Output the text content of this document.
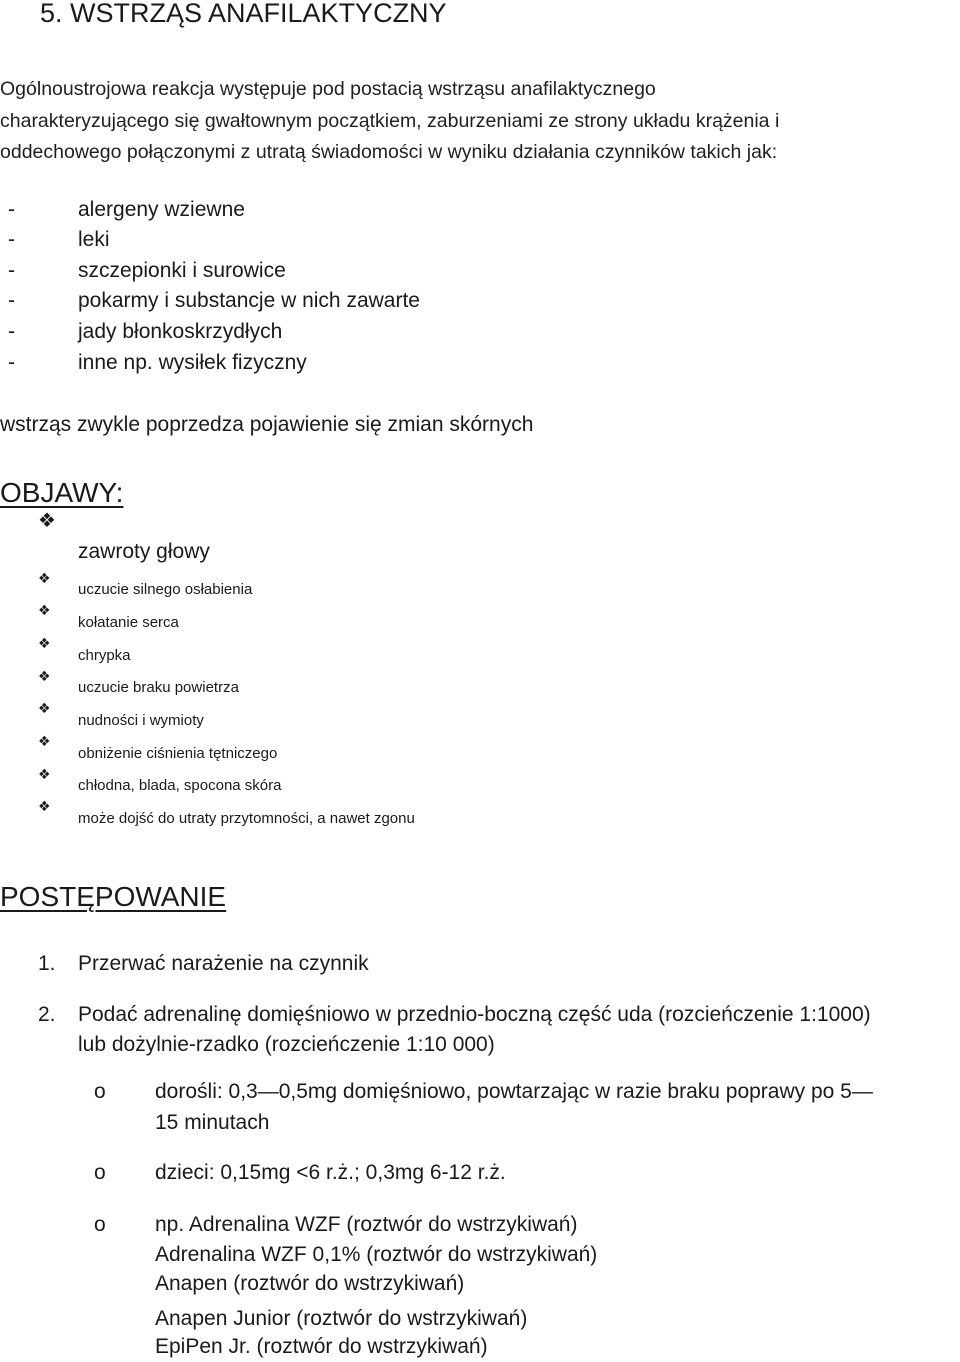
5. WSTRZĄS ANAFILAKTYCZNY
Ogólnoustrojowa reakcja występuje pod postacią wstrząsu anafilaktycznego
charakteryzującego się gwałtownym początkiem, zaburzeniami ze strony układu krążenia i
oddechowego połączonymi z utratą świadomości w wyniku działania czynników takich jak:
-	alergeny wziewne
-	leki
-	szczepionki i surowice
-	pokarmy i substancje w nich zawarte
-	jady błonkoskrzydłych
-	inne np. wysiłek fizyczny
wstrząs zwykle poprzedza pojawienie się zmian skórnych
OBJAWY:
❖
zawroty głowy
❖
uczucie silnego osłabienia
❖
kołatanie serca
❖
chrypka
❖
uczucie braku powietrza
❖
nudności i wymioty
❖
obniżenie ciśnienia tętniczego
❖
chłodna, blada, spocona skóra
❖
może dojść do utraty przytomności, a nawet zgonu
POSTĘPOWANIE
1. Przerwać narażenie na czynnik
2. Podać adrenalinę domięśniowo w przednio-boczną część uda (rozcieńczenie 1:1000)
lub dożylnie-rzadko (rozcieńczenie 1:10 000)
o dorośli: 0,3—0,5mg domięśniowo, powtarzając w razie braku poprawy po 5—
15 minutach
o dzieci: 0,15mg <6 r.ż.; 0,3mg 6-12 r.ż.
o np. Adrenalina WZF (roztwór do wstrzykiwań)
Adrenalina WZF 0,1% (roztwór do wstrzykiwań)
Anapen (roztwór do wstrzykiwań)
Anapen Junior (roztwór do wstrzykiwań)
EpiPen Jr. (roztwór do wstrzykiwań)
